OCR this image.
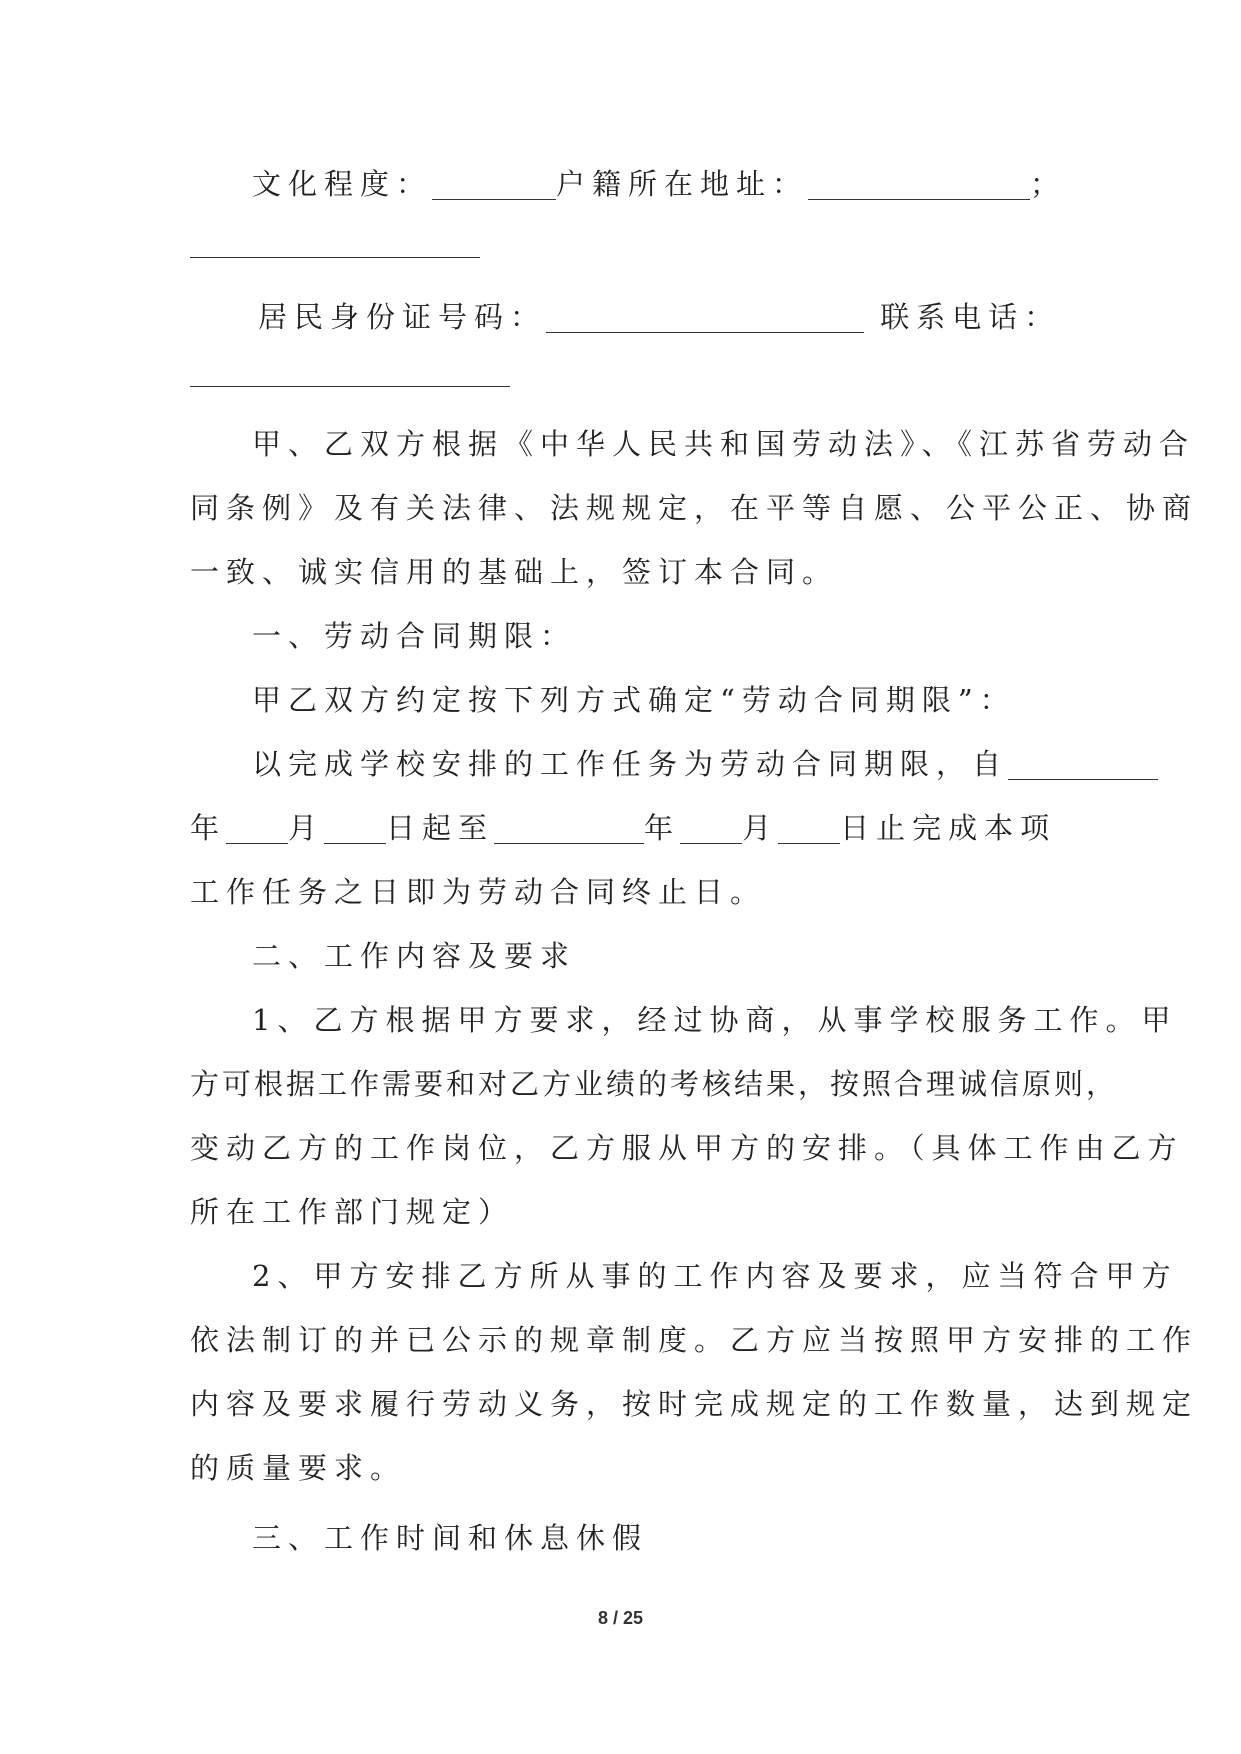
文化程度：	户籍所在地址：	；
居民身份证号码：	联系电话：
甲、乙双方根据《中华人民共和国劳动法》、《江苏省劳动合
同条例》及有关法律、法规规定，在平等自愿、公平公正、协商
一致、诚实信用的基础上，签订本合同。
一、劳动合同期限：
甲乙双方约定按下列方式确定“劳动合同期限”：
以完成学校安排的工作任务为劳动合同期限，自
年 月 日起至	年 月 日止完成本项
工作任务之日即为劳动合同终止日。
二、工作内容及要求
1、乙方根据甲方要求，经过协商，从事学校服务工作。甲
方可根据工作需要和对乙方业绩的考核结果，按照合理诚信原则，
变动乙方的工作岗位，乙方服从甲方的安排。（具体工作由乙方
所在工作部门规定）
2、甲方安排乙方所从事的工作内容及要求，应当符合甲方
依法制订的并已公示的规章制度。乙方应当按照甲方安排的工作
内容及要求履行劳动义务，按时完成规定的工作数量，达到规定
的质量要求。
三、工作时间和休息休假
8 / 25
